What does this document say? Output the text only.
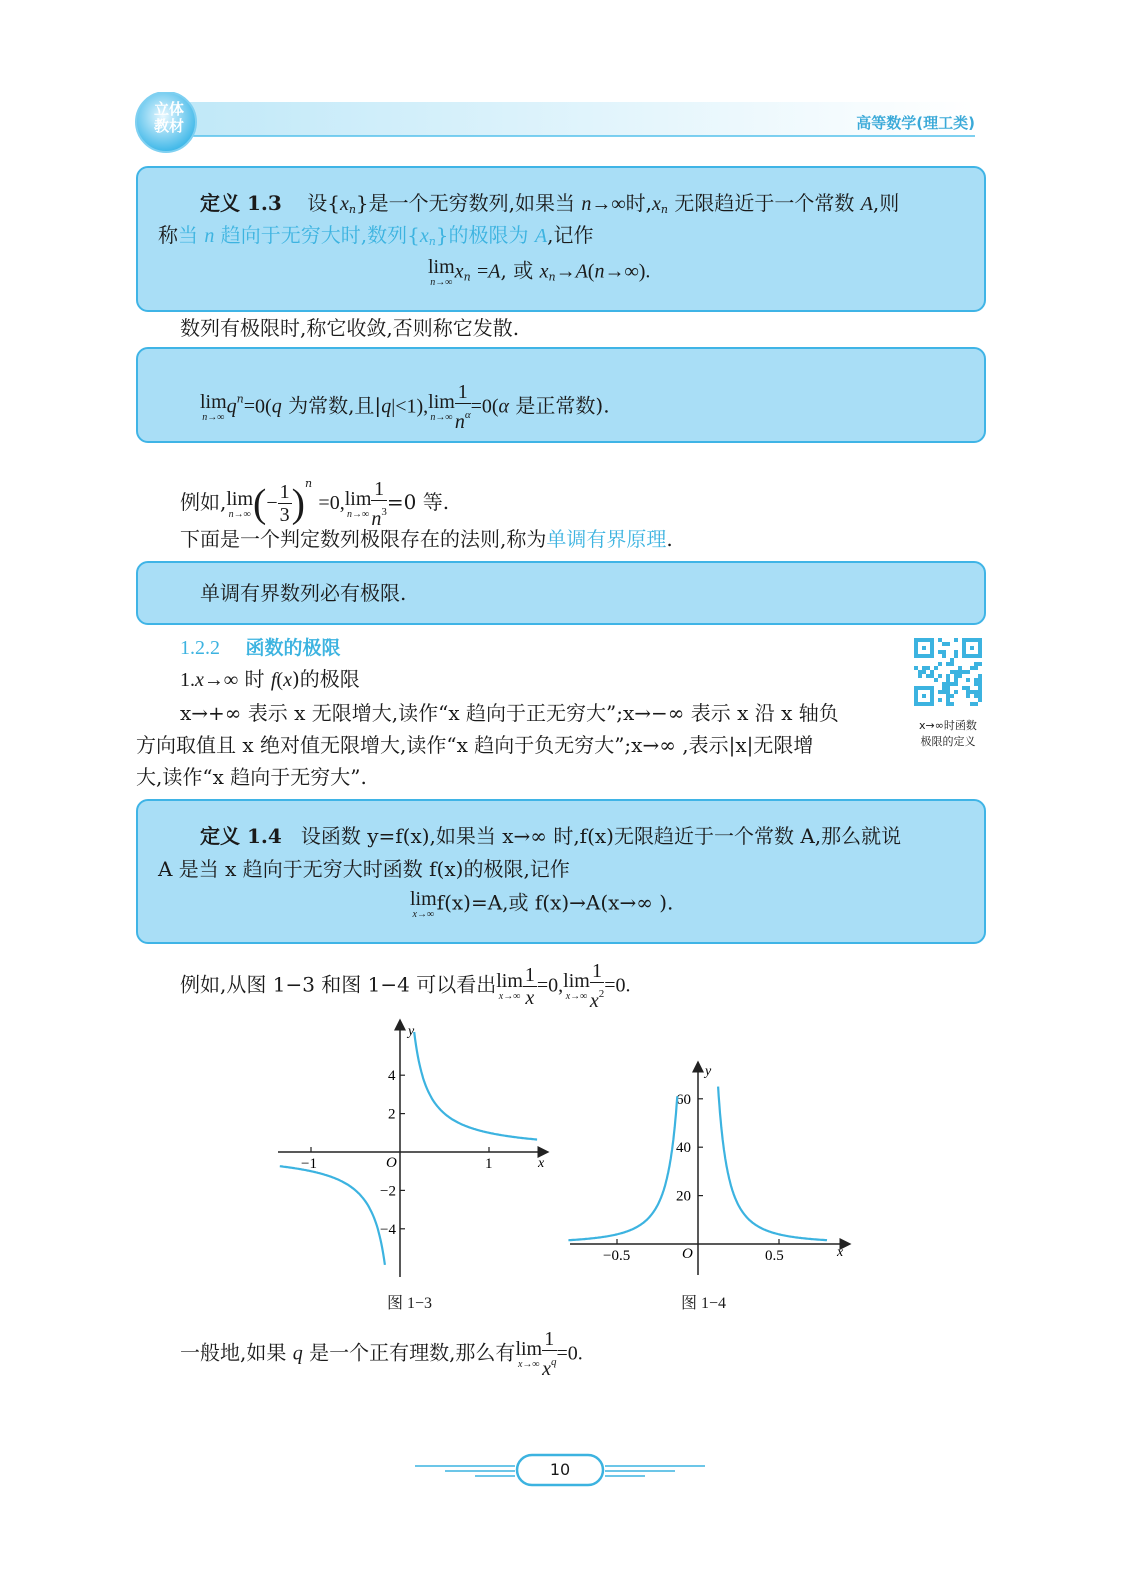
立体
教材	高等数学(理工类)
定义 1.3 设$\{x_n\}$是一个无穷数列,如果当 n→∞时$,x_n$ 无限趋近于一个常数 A,则
称当 n 趋向于无穷大时,数列$\{x_n\}$的极限为 A,记作
lim
n→∞ $x_n =A$, 或 $x_n\to A(n\to\infty)$.
数列有极限时,称它收敛,否则称它发散.
lim
n→∞ $q^n=0(q$ 为常数,且|q|<1), lim
$n\to\infty \frac{1}{n^\alpha} =0(\alpha$ 是正常数).
例如, lim
n→∞ (− $\frac{1}{3} )^n =0$, lim
$n\to\infty \frac{1}{n^3} =0$ 等.
下面是一个判定数列极限存在的法则,称为单调有界原理.
单调有界数列必有极限.
1.2.2 函数的极限
1.x→∞ 时 f(x)的极限
x→+∞ 表示 x 无限增大,读作“x 趋向于正无穷大”;x→−∞ 表示 x 沿 x 轴负
方向取值且 x 绝对值无限增大,读作“x 趋向于负无穷大”;x→∞ ,表示|x|无限增
大,读作“x 趋向于无穷大”.
x→∞时函数
极限的定义
定义 1.4 设函数 y=f(x),如果当 x→∞ 时,f(x)无限趋近于一个常数 A,那么就说
A 是当 x 趋向于无穷大时函数 f(x)的极限,记作
lim
x→∞ f(x)=A,或 f(x)→A(x→∞ ).
例如,从图 1−3 和图 1−4 可以看出 lim
$x\to\infty \frac{1}{x} =0$, lim
$x\to\infty \frac{1}{x^2} =0$.
−1	1
4
2
−2
−4
y
x
O
图 1−3
−0.5	0.5
60
40
20
y
x
O
图 1−4
一般地,如果 q 是一个正有理数,那么有 lim
$x\to\infty \frac{1}{x^q} =0$.
10
